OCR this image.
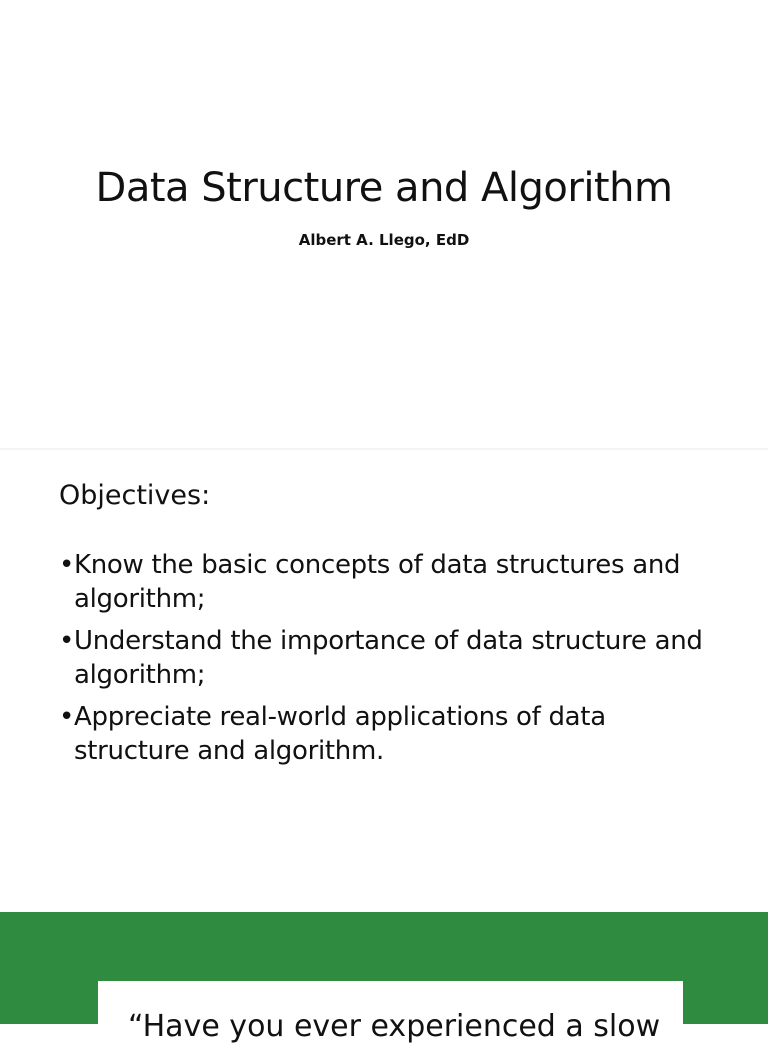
Data Structure and Algorithm

Albert A. Llego, EdD

Objectives:
• Know the basic concepts of data structures and algorithm;
• Understand the importance of data structure and algorithm;
• Appreciate real-world applications of data structure and algorithm.

“Have you ever experienced a slow
